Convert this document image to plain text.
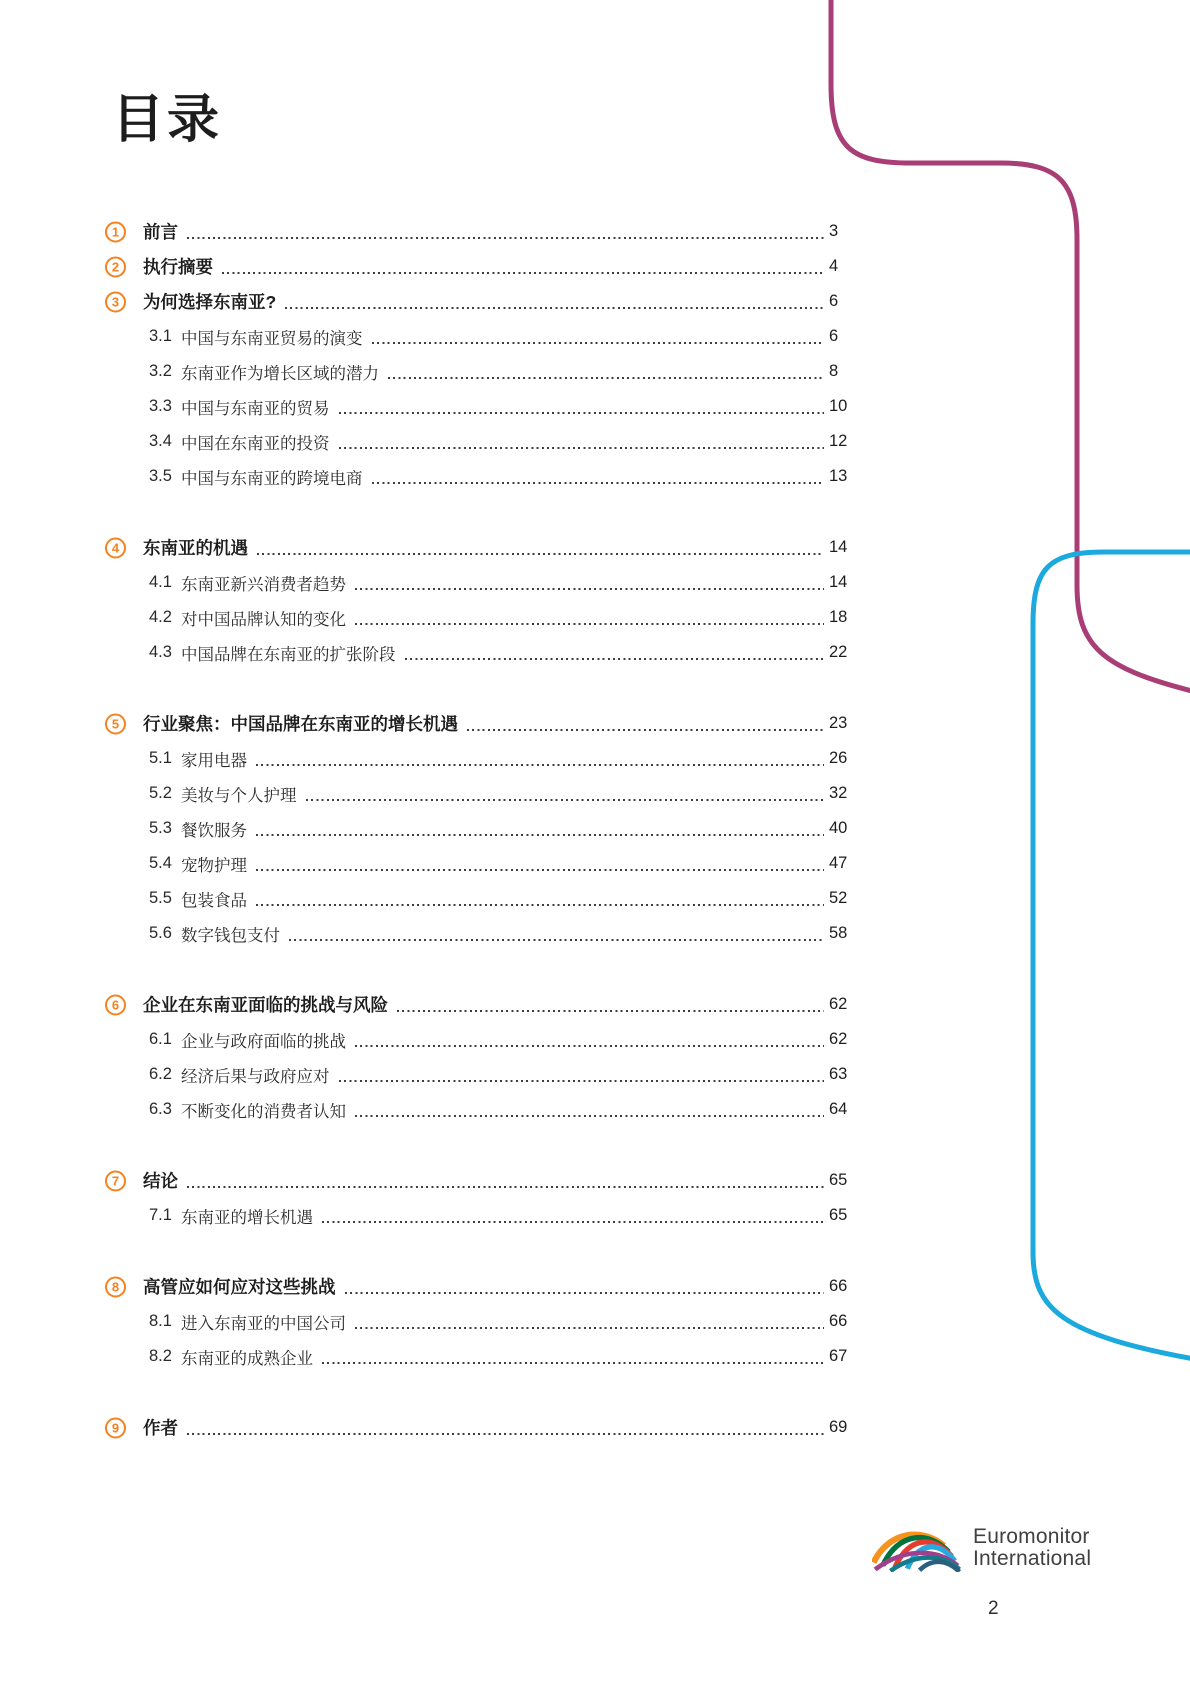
目录
1	前言	3
2	执行摘要	4
3	为何选择东南亚?	6
3.1 中国与东南亚贸易的演变	6
3.2 东南亚作为增长区域的潜力	8
3.3 中国与东南亚的贸易	10
3.4 中国在东南亚的投资	12
3.5 中国与东南亚的跨境电商	13
4	东南亚的机遇	14
4.1 东南亚新兴消费者趋势	14
4.2 对中国品牌认知的变化	18
4.3 中国品牌在东南亚的扩张阶段	22
5	行业聚焦：中国品牌在东南亚的增长机遇	23
5.1 家用电器	26
5.2 美妆与个人护理	32
5.3 餐饮服务	40
5.4 宠物护理	47
5.5 包装食品	52
5.6 数字钱包支付	58
6	企业在东南亚面临的挑战与风险	62
6.1 企业与政府面临的挑战	62
6.2 经济后果与政府应对	63
6.3 不断变化的消费者认知	64
7	结论	65
7.1 东南亚的增长机遇	65
8	高管应如何应对这些挑战	66
8.1 进入东南亚的中国公司	66
8.2 东南亚的成熟企业	67
9	作者	69
Euromonitor
International
2
